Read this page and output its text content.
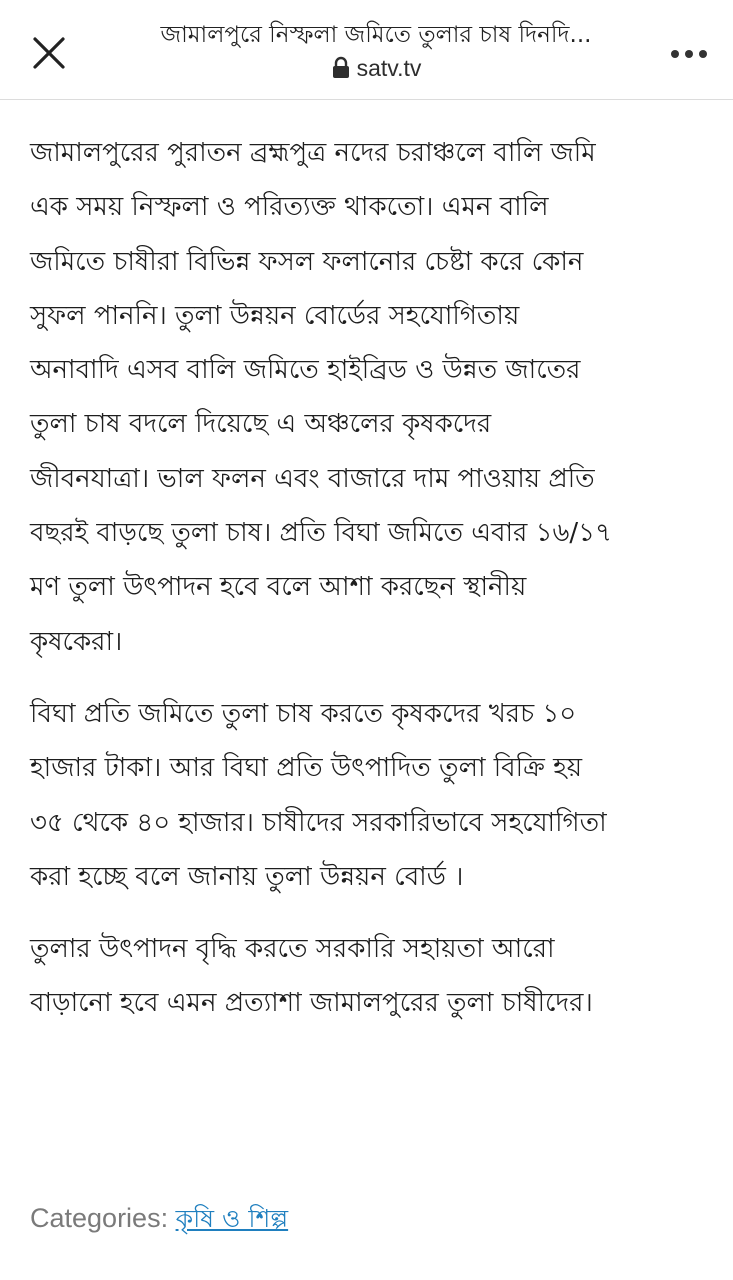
জামালপুরে নিস্ফলা জমিতে তুলার চাষ দিনদি...
satv.tv

জামালপুরের পুরাতন ব্রহ্মপুত্র নদের চরাঞ্চলে বালি জমি

এক সময় নিস্ফলা ও পরিত্যক্ত থাকতো। এমন বালি

জমিতে চাষীরা বিভিন্ন ফসল ফলানোর চেষ্টা করে কোন

সুফল পাননি। তুলা উন্নয়ন বোর্ডের সহযোগিতায়

অনাবাদি এসব বালি জমিতে হাইব্রিড ও উন্নত জাতের

তুলা চাষ বদলে দিয়েছে এ অঞ্চলের কৃষকদের

জীবনযাত্রা। ভাল ফলন এবং বাজারে দাম পাওয়ায় প্রতি

বছরই বাড়ছে তুলা চাষ। প্রতি বিঘা জমিতে এবার ১৬/১৭

মণ তুলা উৎপাদন হবে বলে আশা করছেন স্থানীয়

কৃষকেরা।

বিঘা প্রতি জমিতে তুলা চাষ করতে কৃষকদের খরচ ১০

হাজার টাকা। আর বিঘা প্রতি উৎপাদিত তুলা বিক্রি হয়

৩৫ থেকে ৪০ হাজার। চাষীদের সরকারিভাবে সহযোগিতা

করা হচ্ছে বলে জানায় তুলা উন্নয়ন বোর্ড ।

তুলার উৎপাদন বৃদ্ধি করতে সরকারি সহায়তা আরো

বাড়ানো হবে এমন প্রত্যাশা জামালপুরের তুলা চাষীদের।

Categories: কৃষি ও শিল্প
